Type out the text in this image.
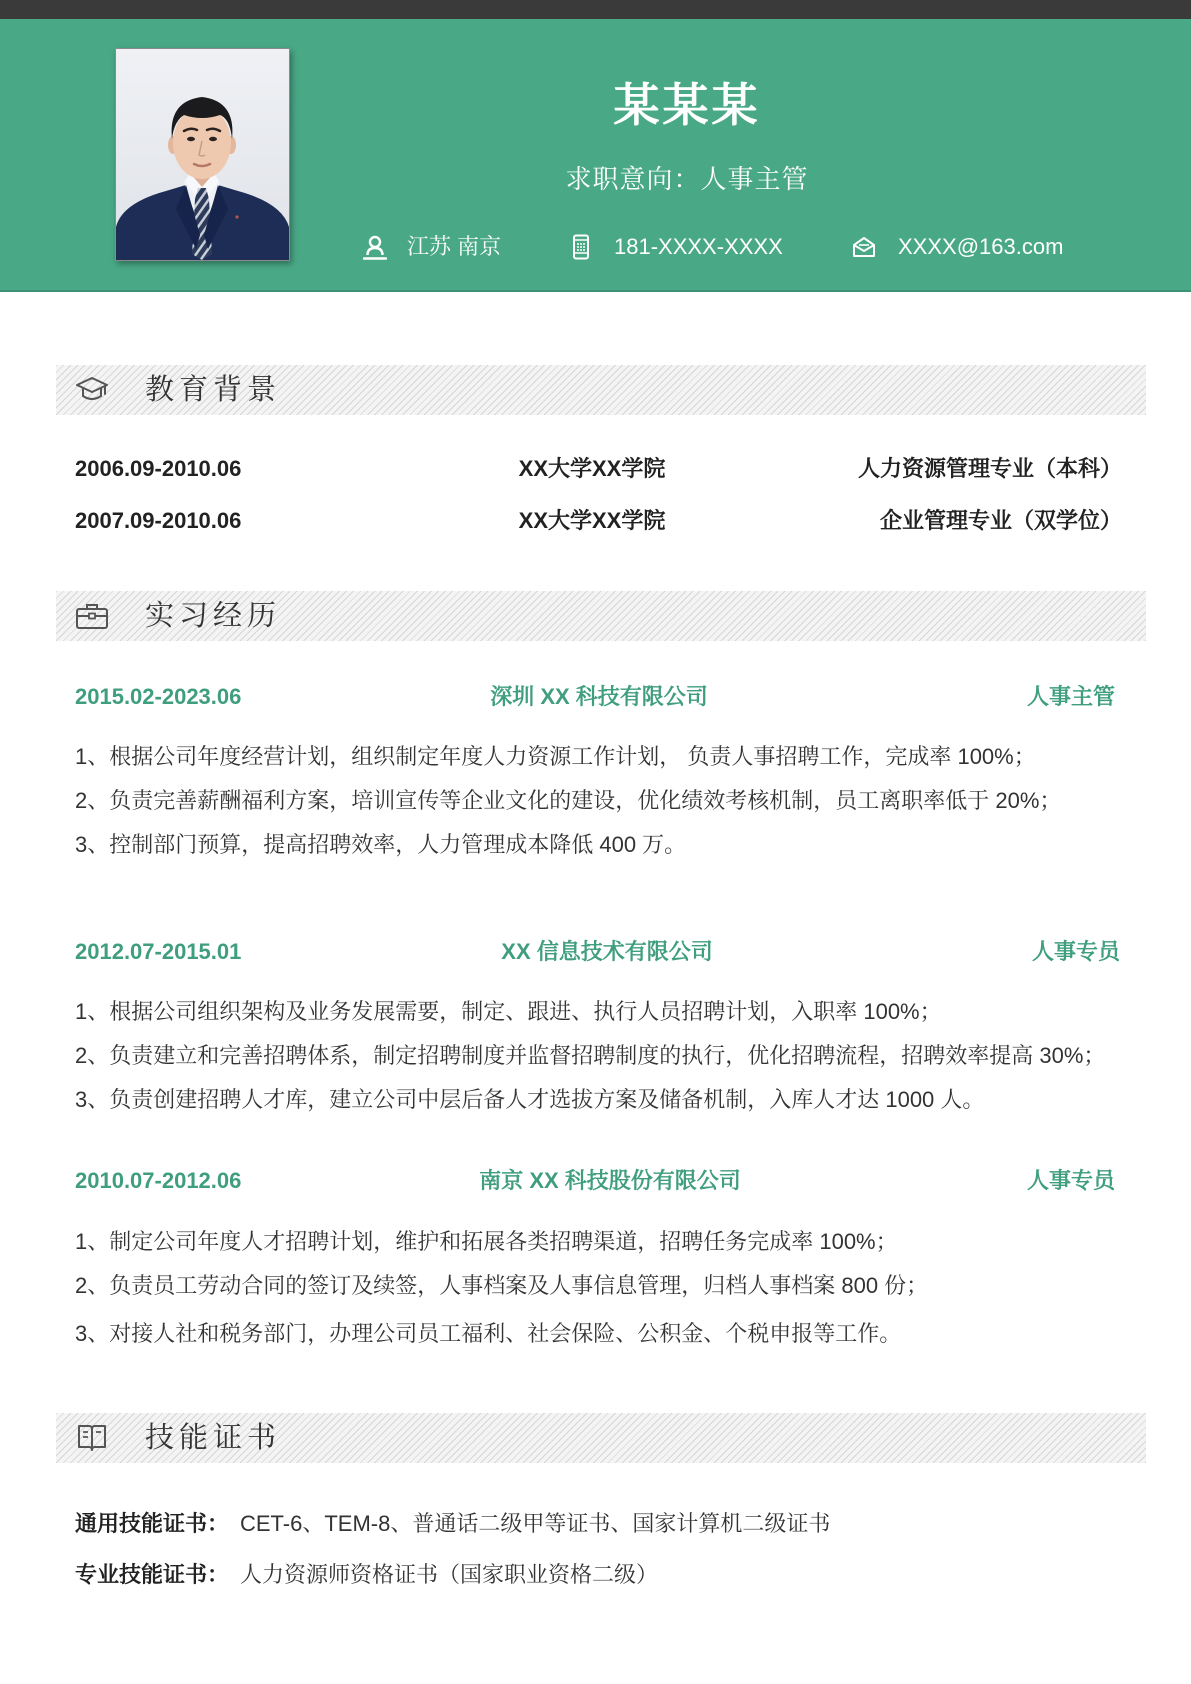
某某某
求职意向：人事主管
江苏 南京	181-XXXX-XXXX	XXXX@163.com
教育背景
2006.09-2010.06	XX大学XX学院	人力资源管理专业（本科）
2007.09-2010.06	XX大学XX学院	企业管理专业（双学位）
实习经历
2015.02-2023.06	深圳 XX 科技有限公司	人事主管
1、根据公司年度经营计划，组织制定年度人力资源工作计划， 负责人事招聘工作，完成率 100%；
2、负责完善薪酬福利方案，培训宣传等企业文化的建设，优化绩效考核机制，员工离职率低于 20%；
3、控制部门预算，提高招聘效率，人力管理成本降低 400 万。
2012.07-2015.01	XX 信息技术有限公司	人事专员
1、根据公司组织架构及业务发展需要，制定、跟进、执行人员招聘计划，入职率 100%；
2、负责建立和完善招聘体系，制定招聘制度并监督招聘制度的执行，优化招聘流程，招聘效率提高 30%；
3、负责创建招聘人才库，建立公司中层后备人才选拔方案及储备机制，入库人才达 1000 人。
2010.07-2012.06	南京 XX 科技股份有限公司	人事专员
1、制定公司年度人才招聘计划，维护和拓展各类招聘渠道，招聘任务完成率 100%；
2、负责员工劳动合同的签订及续签，人事档案及人事信息管理，归档人事档案 800 份；
3、对接人社和税务部门，办理公司员工福利、社会保险、公积金、个税申报等工作。
技能证书
通用技能证书： CET-6、TEM-8、普通话二级甲等证书、国家计算机二级证书
专业技能证书： 人力资源师资格证书（国家职业资格二级）
